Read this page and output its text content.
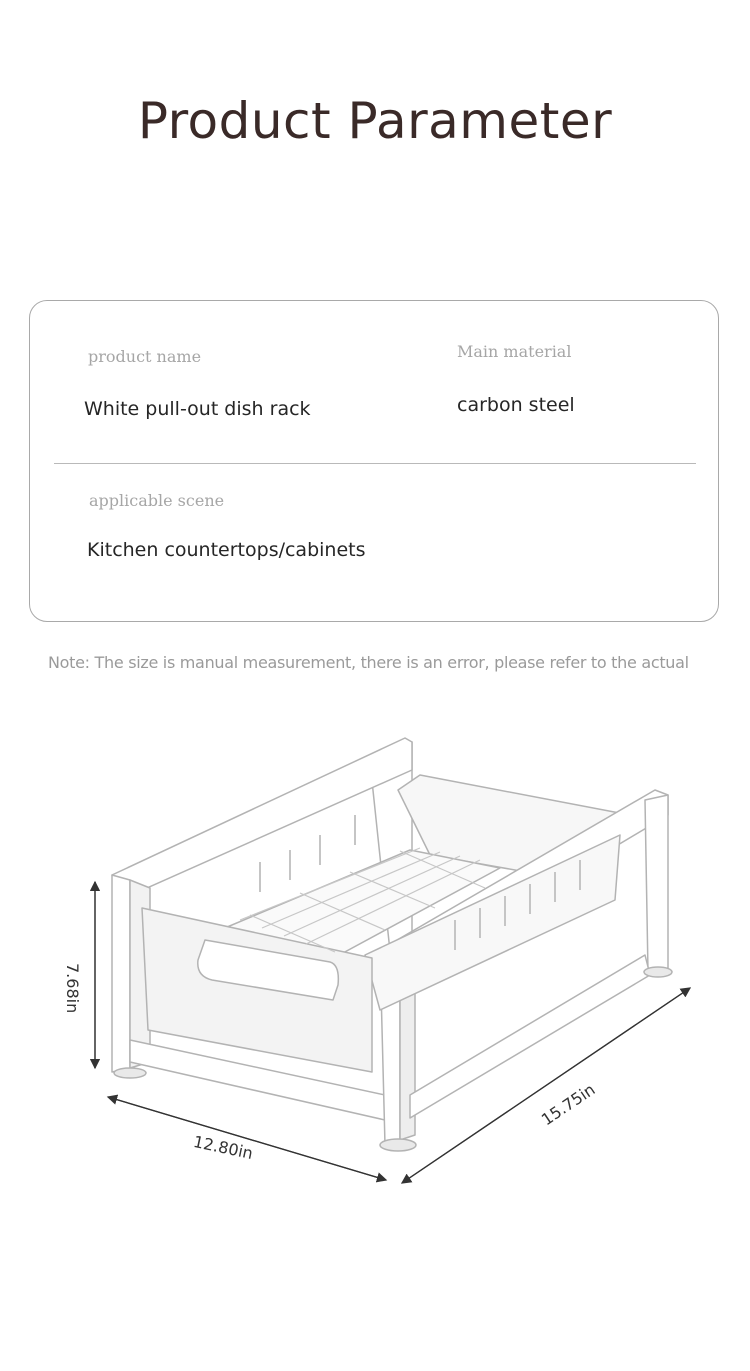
Product Parameter
product name
White pull-out dish rack
Main material
carbon steel
applicable scene
Kitchen countertops/cabinets
Note: The size is manual measurement, there is an error, please refer to the actual
7.68in
12.80in
15.75in
